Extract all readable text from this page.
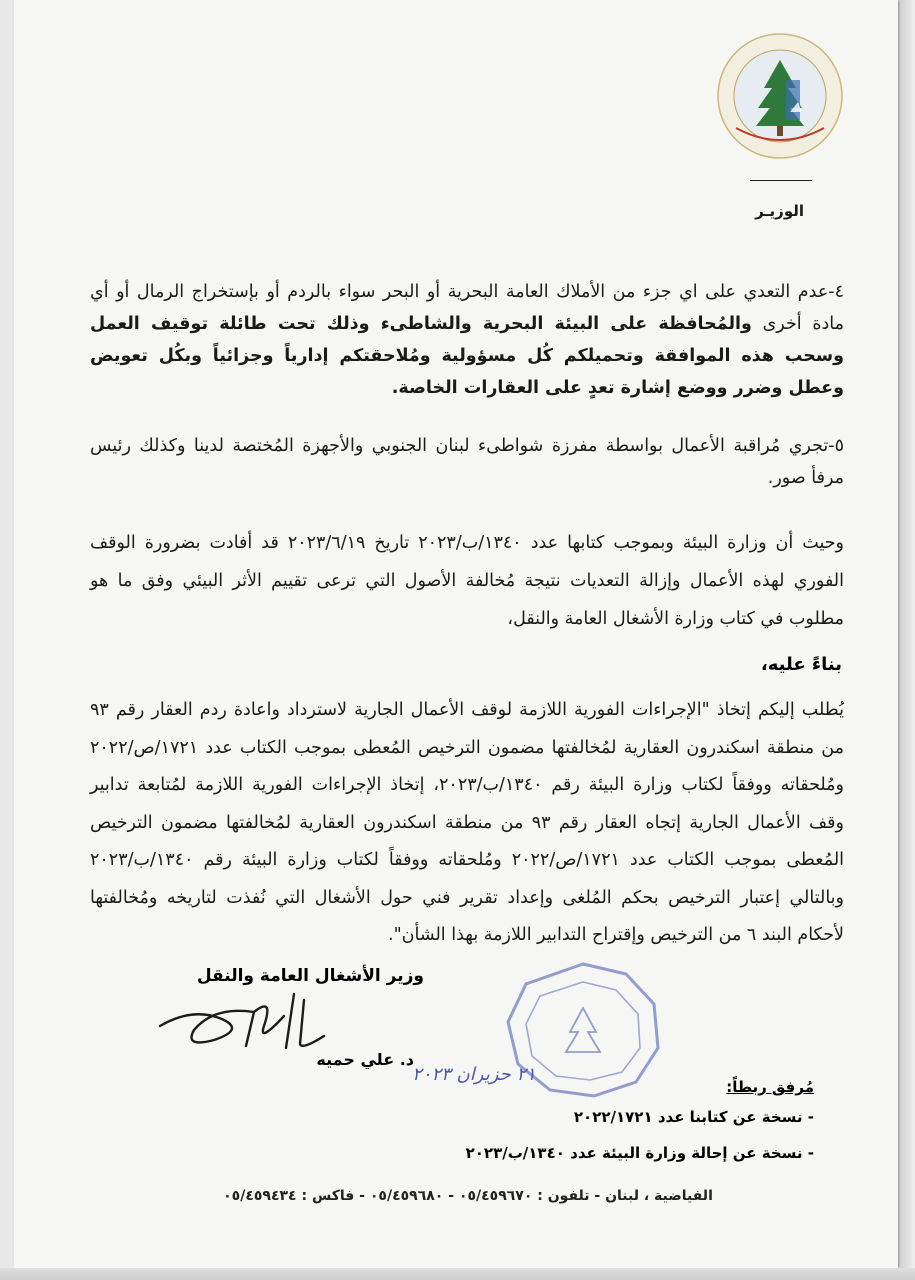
الوزيـر
٤-عدم التعدي على اي جزء من الأملاك العامة البحرية أو البحر سواء بالردم أو بإستخراج الرمال أو أي مادة أخرى والمُحافظة على البيئة البحرية والشاطىء وذلك تحت طائلة توقيف العمل وسحب هذه الموافقة وتحميلكم كُل مسؤولية ومُلاحقتكم إدارياً وجزائياً وبكُل تعويض وعطل وضرر ووضع إشارة تعدٍ على العقارات الخاصة.
٥-تجري مُراقبة الأعمال بواسطة مفرزة شواطىء لبنان الجنوبي والأجهزة المُختصة لدينا وكذلك رئيس مرفأ صور.
وحيث أن وزارة البيئة وبموجب كتابها عدد ١٣٤٠/ب/٢٠٢٣ تاريخ ٢٠٢٣/٦/١٩ قد أفادت بضرورة الوقف الفوري لهذه الأعمال وإزالة التعديات نتيجة مُخالفة الأصول التي ترعى تقييم الأثر البيئي وفق ما هو مطلوب في كتاب وزارة الأشغال العامة والنقل،
بناءً عليه،
يُطلب إليكم إتخاذ "الإجراءات الفورية اللازمة لوقف الأعمال الجارية لاسترداد واعادة ردم العقار رقم ٩٣ من منطقة اسكندرون العقارية لمُخالفتها مضمون الترخيص المُعطى بموجب الكتاب عدد ١٧٢١/ص/٢٠٢٢ ومُلحقاته ووفقاً لكتاب وزارة البيئة رقم ١٣٤٠/ب/٢٠٢٣، إتخاذ الإجراءات الفورية اللازمة لمُتابعة تدابير وقف الأعمال الجارية إتجاه العقار رقم ٩٣ من منطقة اسكندرون العقارية لمُخالفتها مضمون الترخيص المُعطى بموجب الكتاب عدد ١٧٢١/ص/٢٠٢٢ ومُلحقاته ووفقاً لكتاب وزارة البيئة رقم ١٣٤٠/ب/٢٠٢٣ وبالتالي إعتبار الترخيص بحكم المُلغى وإعداد تقرير فني حول الأشغال التي نُفذت لتاريخه ومُخالفتها لأحكام البند ٦ من الترخيص وإقتراح التدابير اللازمة بهذا الشأن".
وزير الأشغال العامة والنقل
د. علي حميه
٢١ حزيران ٢٠٢٣
مُرفق ربطاً:
- نسخة عن كتابنا عدد ٢٠٢٢/١٧٢١
- نسخة عن إحالة وزارة البيئة عدد ١٣٤٠/ب/٢٠٢٣
الفياضية ، لبنان - تلفون : ٠٥/٤٥٩٦٧٠ - ٠٥/٤٥٩٦٨٠ - فاكس : ٠٥/٤٥٩٤٣٤
